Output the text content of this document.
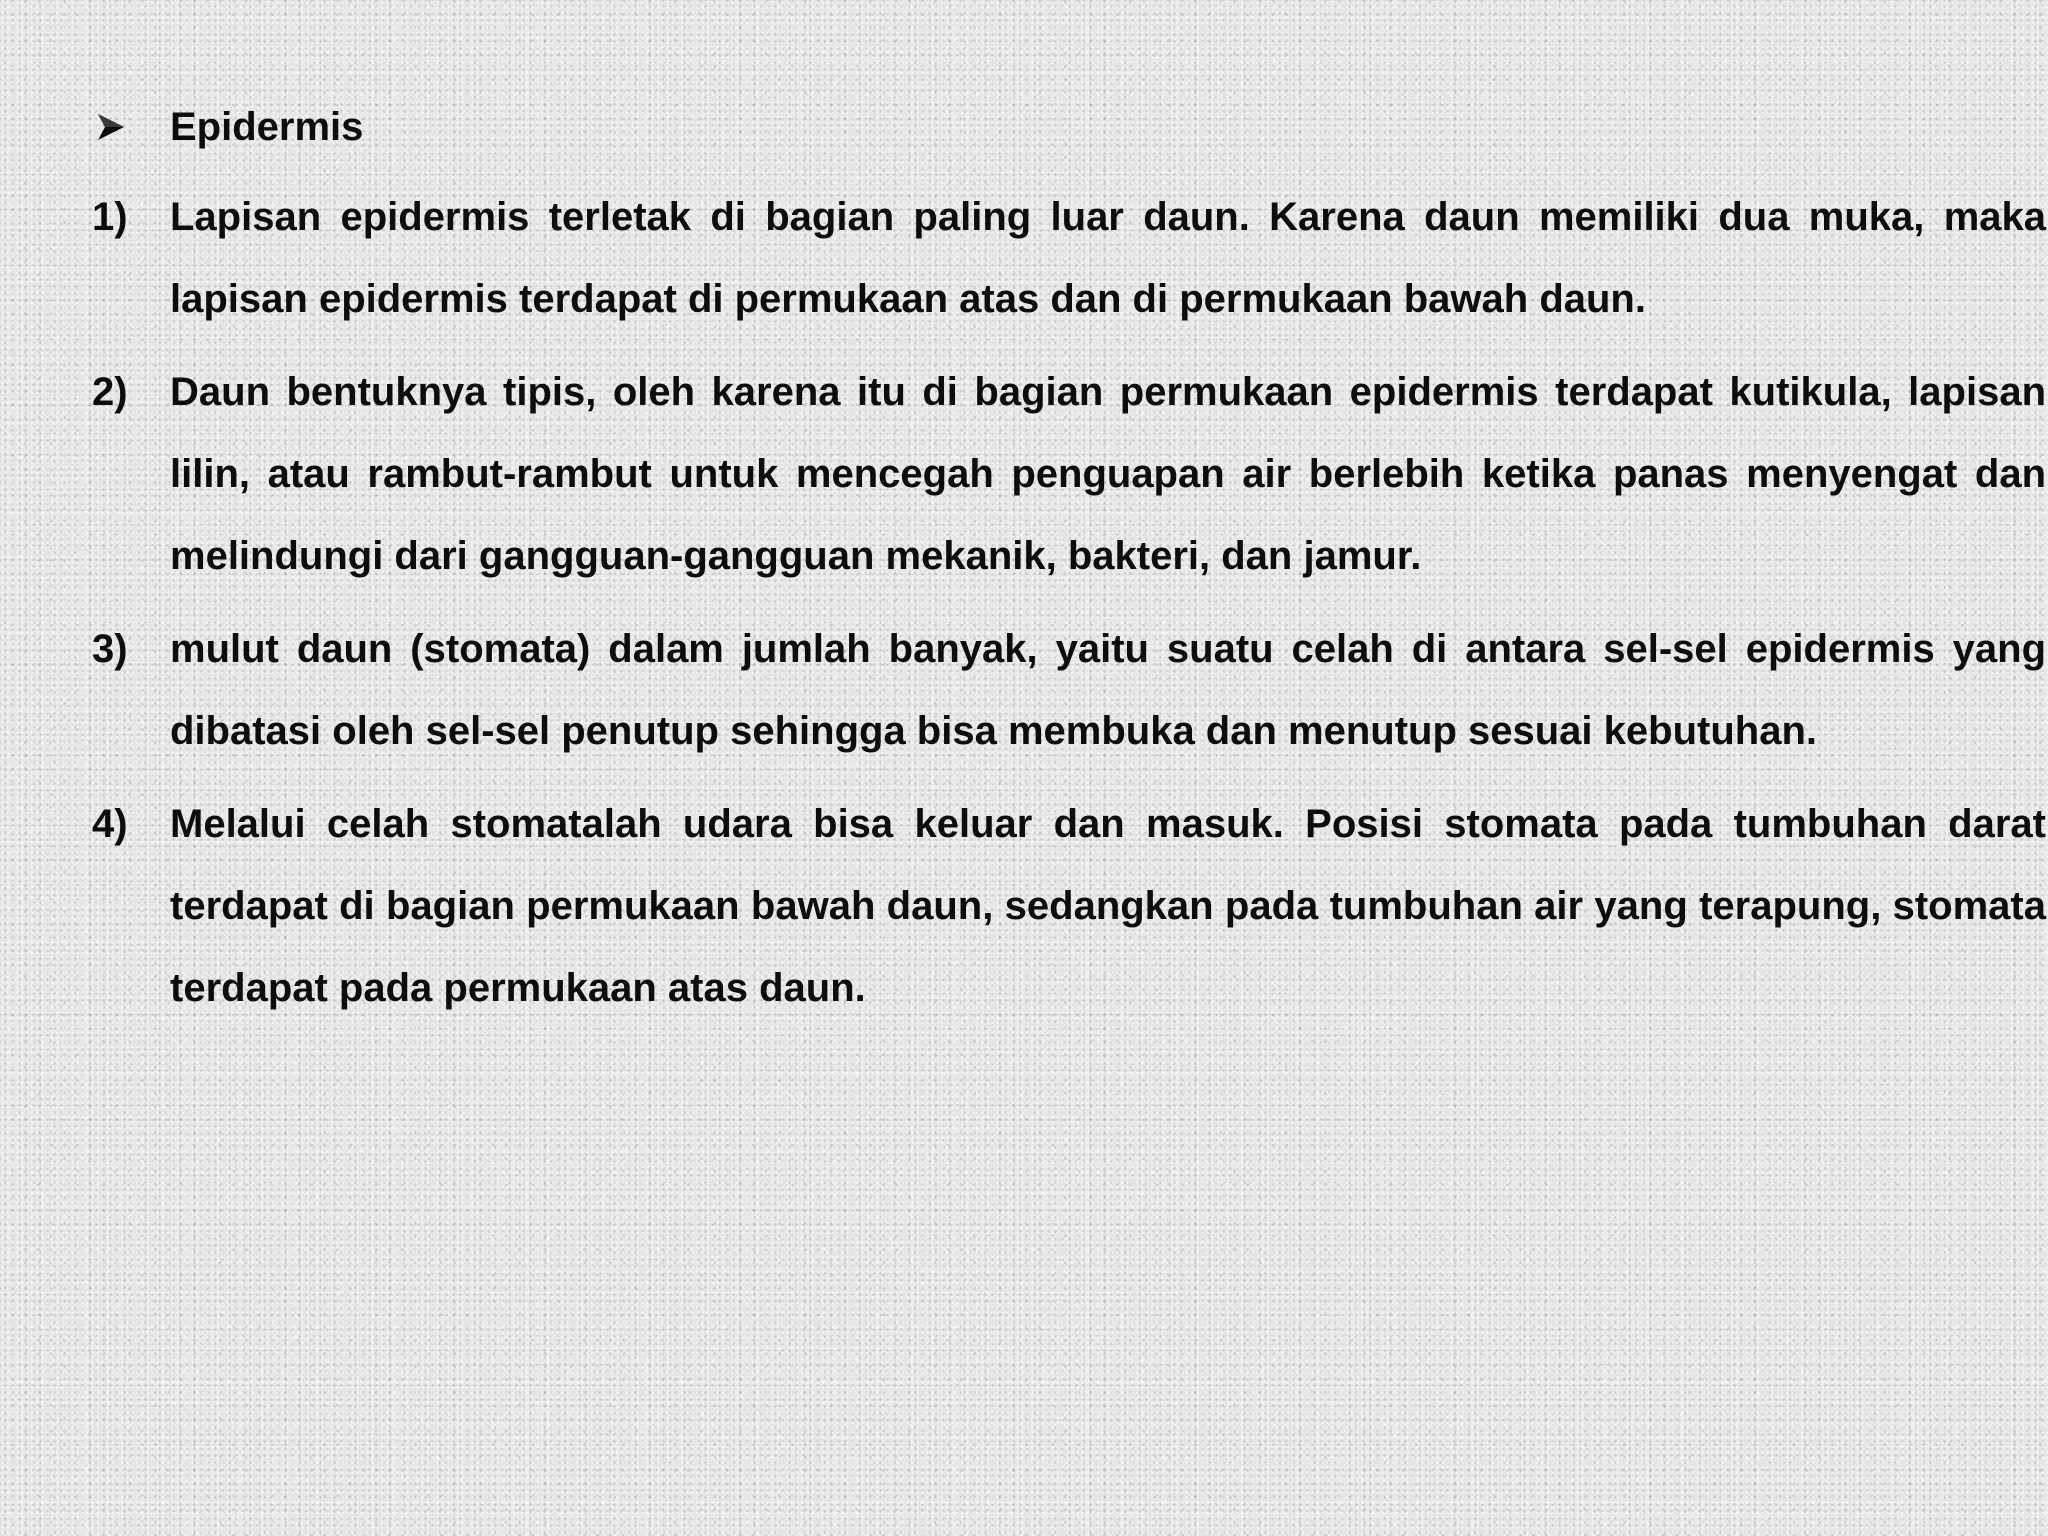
Epidermis
1) Lapisan epidermis terletak di bagian paling luar daun. Karena daun memiliki dua muka, maka lapisan epidermis terdapat di permukaan atas dan di permukaan bawah daun.
2) Daun bentuknya tipis, oleh karena itu di bagian permukaan epidermis terdapat kutikula, lapisan lilin, atau rambut-rambut untuk mencegah penguapan air berlebih ketika panas menyengat dan melindungi dari gangguan-gangguan mekanik, bakteri, dan jamur.
3) mulut daun (stomata) dalam jumlah banyak, yaitu suatu celah di antara sel-sel epidermis yang dibatasi oleh sel-sel penutup sehingga bisa membuka dan menutup sesuai kebutuhan.
4) Melalui celah stomatalah udara bisa keluar dan masuk. Posisi stomata pada tumbuhan darat terdapat di bagian permukaan bawah daun, sedangkan pada tumbuhan air yang terapung, stomata terdapat pada permukaan atas daun.
